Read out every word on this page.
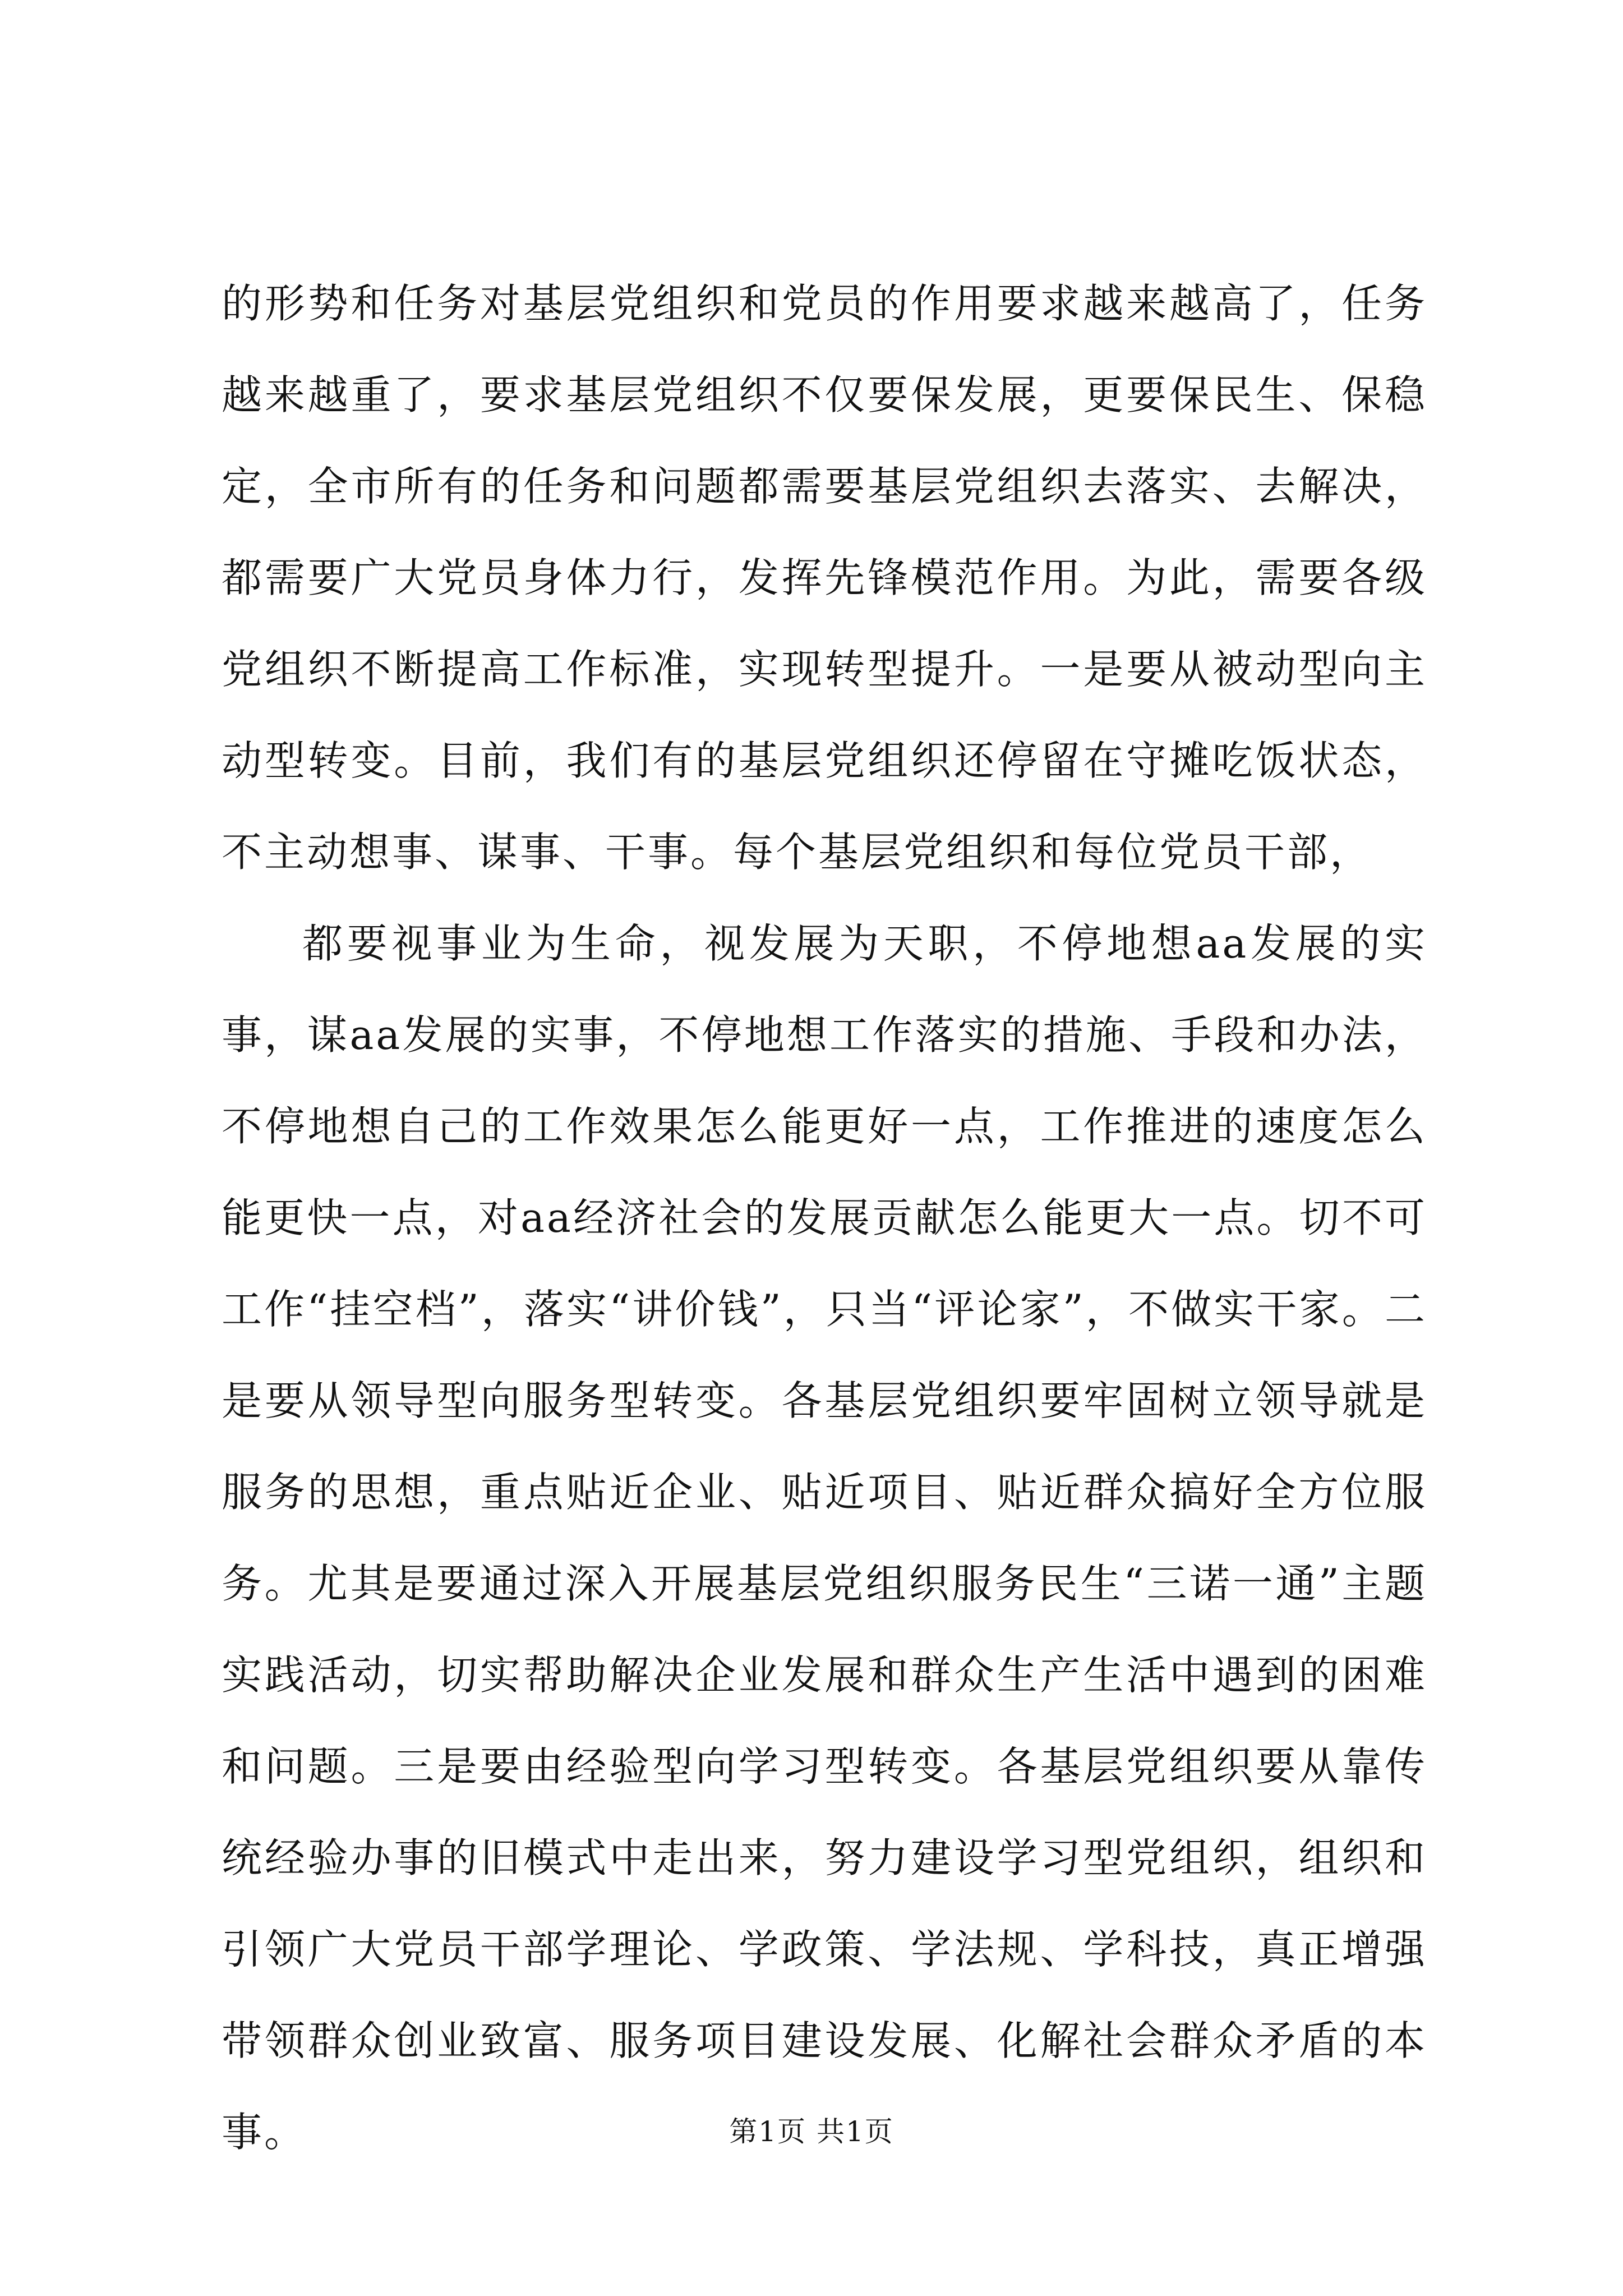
的形势和任务对基层党组织和党员的作用要求越来越高了，任务越来越重了，要求基层党组织不仅要保发展，更要保民生、保稳定，全市所有的任务和问题都需要基层党组织去落实、去解决，都需要广大党员身体力行，发挥先锋模范作用。为此，需要各级党组织不断提高工作标准，实现转型提升。一是要从被动型向主动型转变。目前，我们有的基层党组织还停留在守摊吃饭状态，不主动想事、谋事、干事。每个基层党组织和每位党员干部，

都要视事业为生命，视发展为天职，不停地想aa发展的实事，谋aa发展的实事，不停地想工作落实的措施、手段和办法，不停地想自己的工作效果怎么能更好一点，工作推进的速度怎么能更快一点，对aa经济社会的发展贡献怎么能更大一点。切不可工作“挂空档”，落实“讲价钱”，只当“评论家”，不做实干家。二是要从领导型向服务型转变。各基层党组织要牢固树立领导就是服务的思想，重点贴近企业、贴近项目、贴近群众搞好全方位服务。尤其是要通过深入开展基层党组织服务民生“三诺一通”主题实践活动，切实帮助解决企业发展和群众生产生活中遇到的困难和问题。三是要由经验型向学习型转变。各基层党组织要从靠传统经验办事的旧模式中走出来，努力建设学习型党组织，组织和引领广大党员干部学理论、学政策、学法规、学科技，真正增强带领群众创业致富、服务项目建设发展、化解社会群众矛盾的本事。	第1页 共1页
